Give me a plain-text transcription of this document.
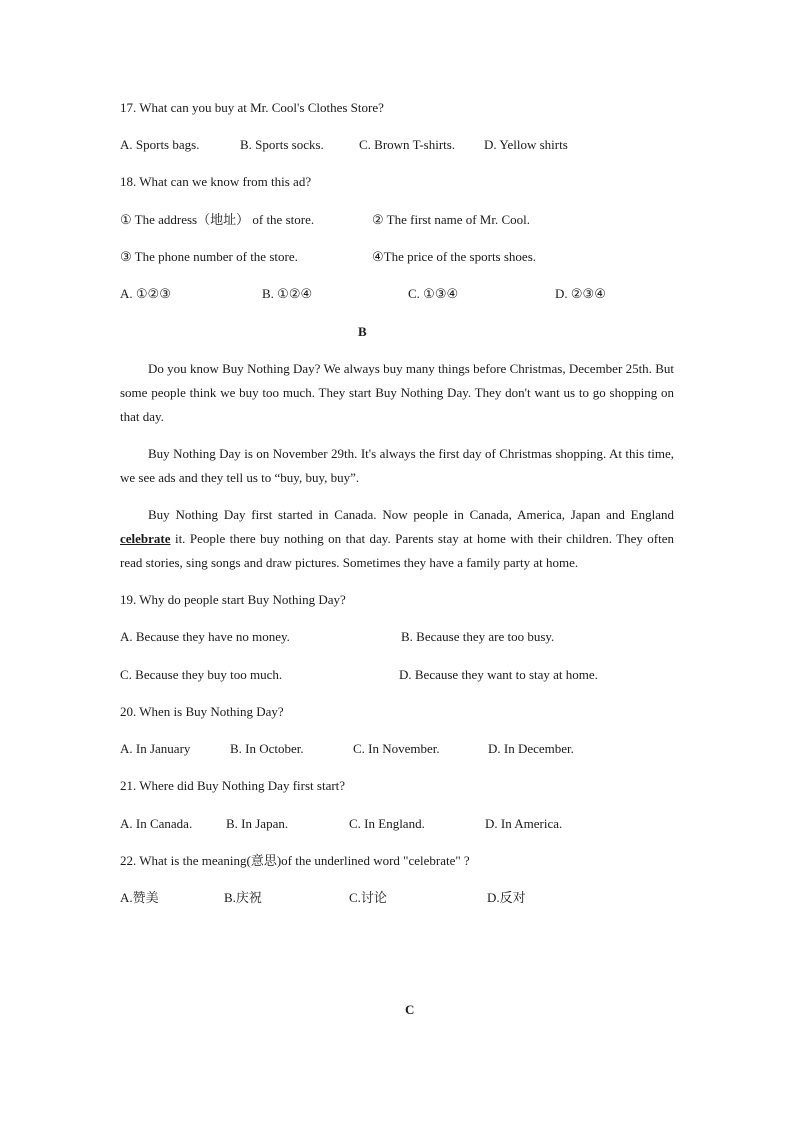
17. What can you buy at Mr. Cool's Clothes Store?
A. Sports bags.	B. Sports socks.	C. Brown T-shirts. D. Yellow shirts
18. What can we know from this ad?
① The address（地址） of the store.	② The first name of Mr. Cool.
③ The phone number of the store.	④The price of the sports shoes.
A. ①②③	B. ①②④	C. ①③④	D. ②③④
B
Do you know Buy Nothing Day? We always buy many things before Christmas, December 25th. But some people think we buy too much. They start Buy Nothing Day. They don't want us to go shopping on that day.
Buy Nothing Day is on November 29th. It's always the first day of Christmas shopping. At this time, we see ads and they tell us to “buy, buy, buy”.
Buy Nothing Day first started in Canada. Now people in Canada, America, Japan and England celebrate it. People there buy nothing on that day. Parents stay at home with their children. They often read stories, sing songs and draw pictures. Sometimes they have a family party at home.
19. Why do people start Buy Nothing Day?
A. Because they have no money.	B. Because they are too busy.
C. Because they buy too much.	D. Because they want to stay at home.
20. When is Buy Nothing Day?
A. In January	B. In October.	C. In November.	D. In December.
21. Where did Buy Nothing Day first start?
A. In Canada.	B. In Japan.	C. In England.	D. In America.
22. What is the meaning(意思)of the underlined word "celebrate" ?
A.赞美	B.庆祝	C.讨论	D.反对
C
